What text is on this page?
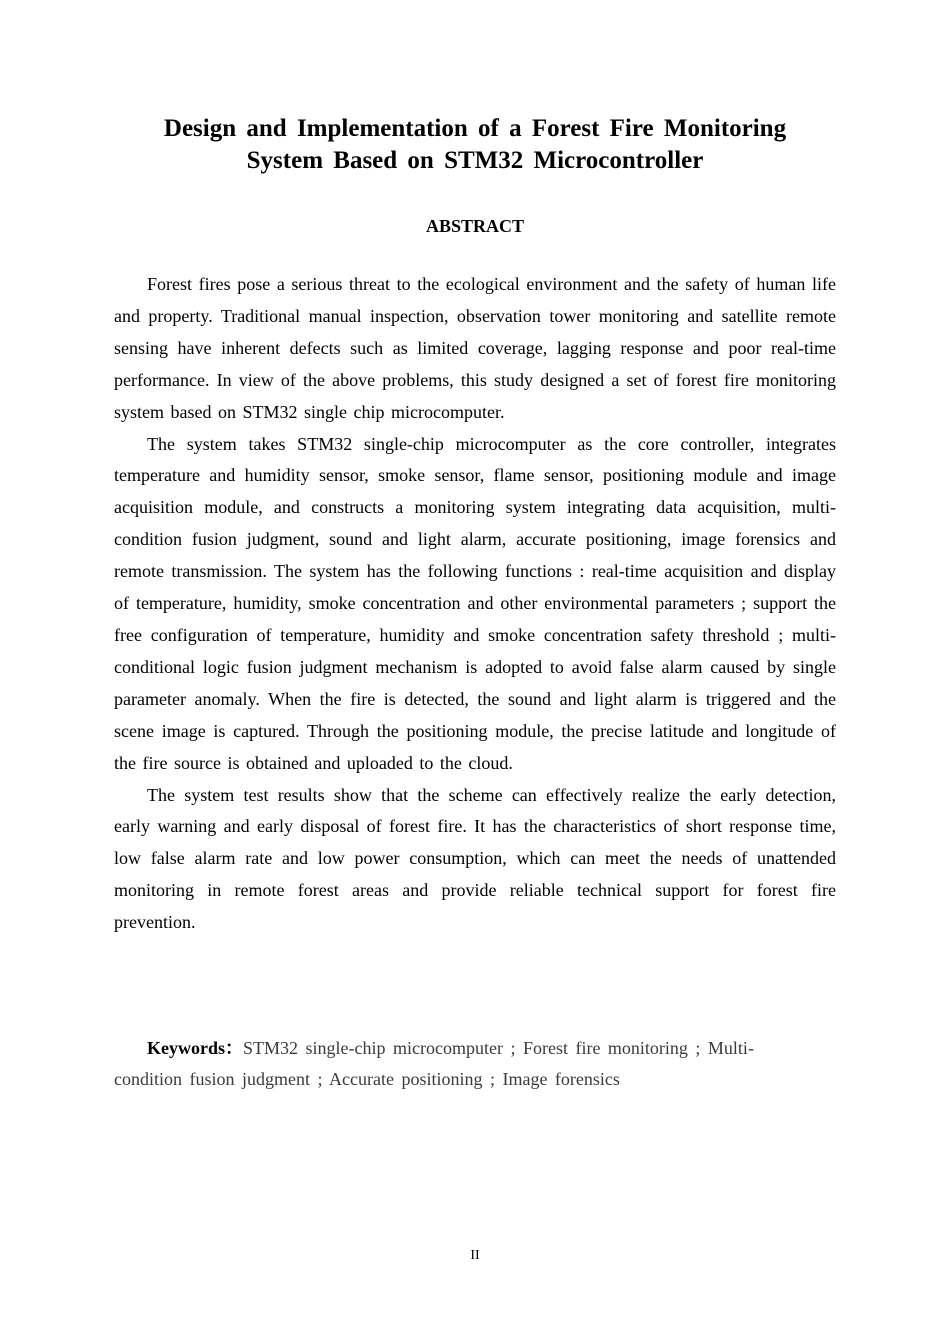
Design and Implementation of a Forest Fire Monitoring System Based on STM32 Microcontroller
ABSTRACT

Forest fires pose a serious threat to the ecological environment and the safety of human life and property. Traditional manual inspection, observation tower monitoring and satellite remote sensing have inherent defects such as limited coverage, lagging response and poor real-time performance. In view of the above problems, this study designed a set of forest fire monitoring system based on STM32 single chip microcomputer.

The system takes STM32 single-chip microcomputer as the core controller, integrates temperature and humidity sensor, smoke sensor, flame sensor, positioning module and image acquisition module, and constructs a monitoring system integrating data acquisition, multi-condition fusion judgment, sound and light alarm, accurate positioning, image forensics and remote transmission. The system has the following functions : real-time acquisition and display of temperature, humidity, smoke concentration and other environmental parameters ; support the free configuration of temperature, humidity and smoke concentration safety threshold ; multi-conditional logic fusion judgment mechanism is adopted to avoid false alarm caused by single parameter anomaly. When the fire is detected, the sound and light alarm is triggered and the scene image is captured. Through the positioning module, the precise latitude and longitude of the fire source is obtained and uploaded to the cloud.

The system test results show that the scheme can effectively realize the early detection, early warning and early disposal of forest fire. It has the characteristics of short response time, low false alarm rate and low power consumption, which can meet the needs of unattended monitoring in remote forest areas and provide reliable technical support for forest fire prevention.

Keywords：STM32 single-chip microcomputer ; Forest fire monitoring ; Multi-condition fusion judgment ; Accurate positioning ; Image forensics

II
